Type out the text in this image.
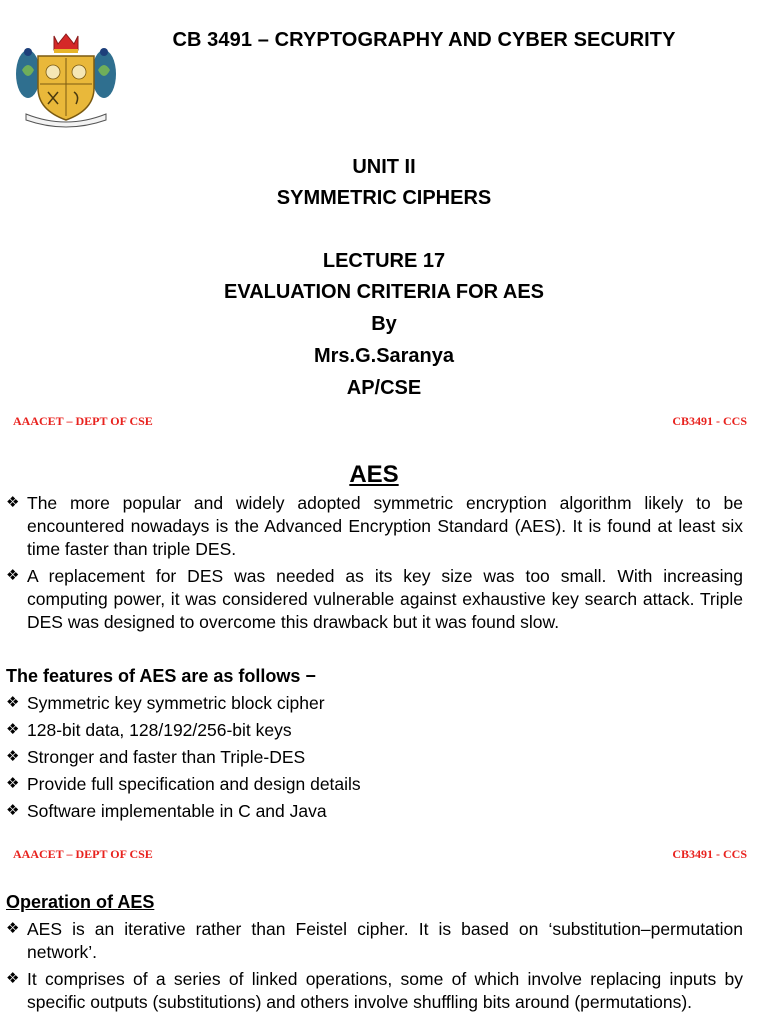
CB 3491 – CRYPTOGRAPHY AND CYBER SECURITY
UNIT II
SYMMETRIC CIPHERS
LECTURE 17
EVALUATION CRITERIA FOR AES
By
Mrs.G.Saranya
AP/CSE
AAACET – DEPT OF CSE	CB3491 - CCS
AES
❖ The more popular and widely adopted symmetric encryption algorithm likely to be encountered nowadays is the Advanced Encryption Standard (AES). It is found at least six time faster than triple DES.
❖ A replacement for DES was needed as its key size was too small. With increasing computing power, it was considered vulnerable against exhaustive key search attack. Triple DES was designed to overcome this drawback but it was found slow.
The features of AES are as follows −
❖ Symmetric key symmetric block cipher
❖ 128-bit data, 128/192/256-bit keys
❖ Stronger and faster than Triple-DES
❖ Provide full specification and design details
❖ Software implementable in C and Java
AAACET – DEPT OF CSE	CB3491 - CCS
Operation of AES
❖ AES is an iterative rather than Feistel cipher. It is based on ‘substitution–permutation network’.
❖ It comprises of a series of linked operations, some of which involve replacing inputs by specific outputs (substitutions) and others involve shuffling bits around (permutations).
